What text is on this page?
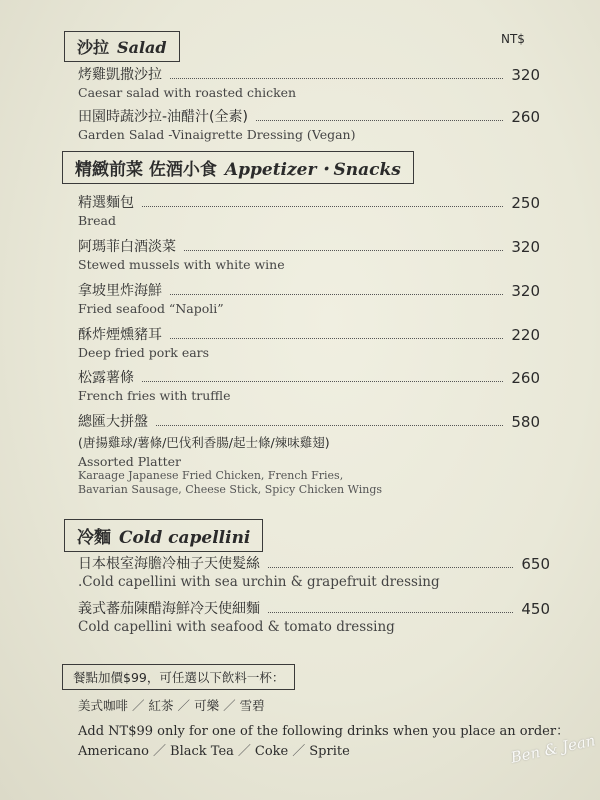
NT$
沙拉 Salad
烤雞凱撒沙拉	320
Caesar salad with roasted chicken
田園時蔬沙拉-油醋汁(全素)	260
Garden Salad -Vinaigrette Dressing (Vegan)
精緻前菜 佐酒小食 Appetizer・Snacks
精選麵包	250
Bread
阿瑪菲白酒淡菜	320
Stewed mussels with white wine
拿坡里炸海鮮	320
Fried seafood “Napoli”
酥炸煙燻豬耳	220
Deep fried pork ears
松露薯條	260
French fries with truffle
總匯大拼盤	580
(唐揚雞球/薯條/巴伐利香腸/起士條/辣味雞翅)
Assorted Platter
Karaage Japanese Fried Chicken, French Fries,
Bavarian Sausage, Cheese Stick, Spicy Chicken Wings
冷麵 Cold capellini
日本根室海膽冷柚子天使髮絲	650
.Cold capellini with sea urchin & grapefruit dressing
義式蕃茄陳醋海鮮冷天使細麵	450
Cold capellini with seafood & tomato dressing
餐點加價$99，可任選以下飲料一杯：
美式咖啡 ／ 紅茶 ／ 可樂 ／ 雪碧
Add NT$99 only for one of the following drinks when you place an order：
Americano ／ Black Tea ／ Coke ／ Sprite	Ben & Jean
